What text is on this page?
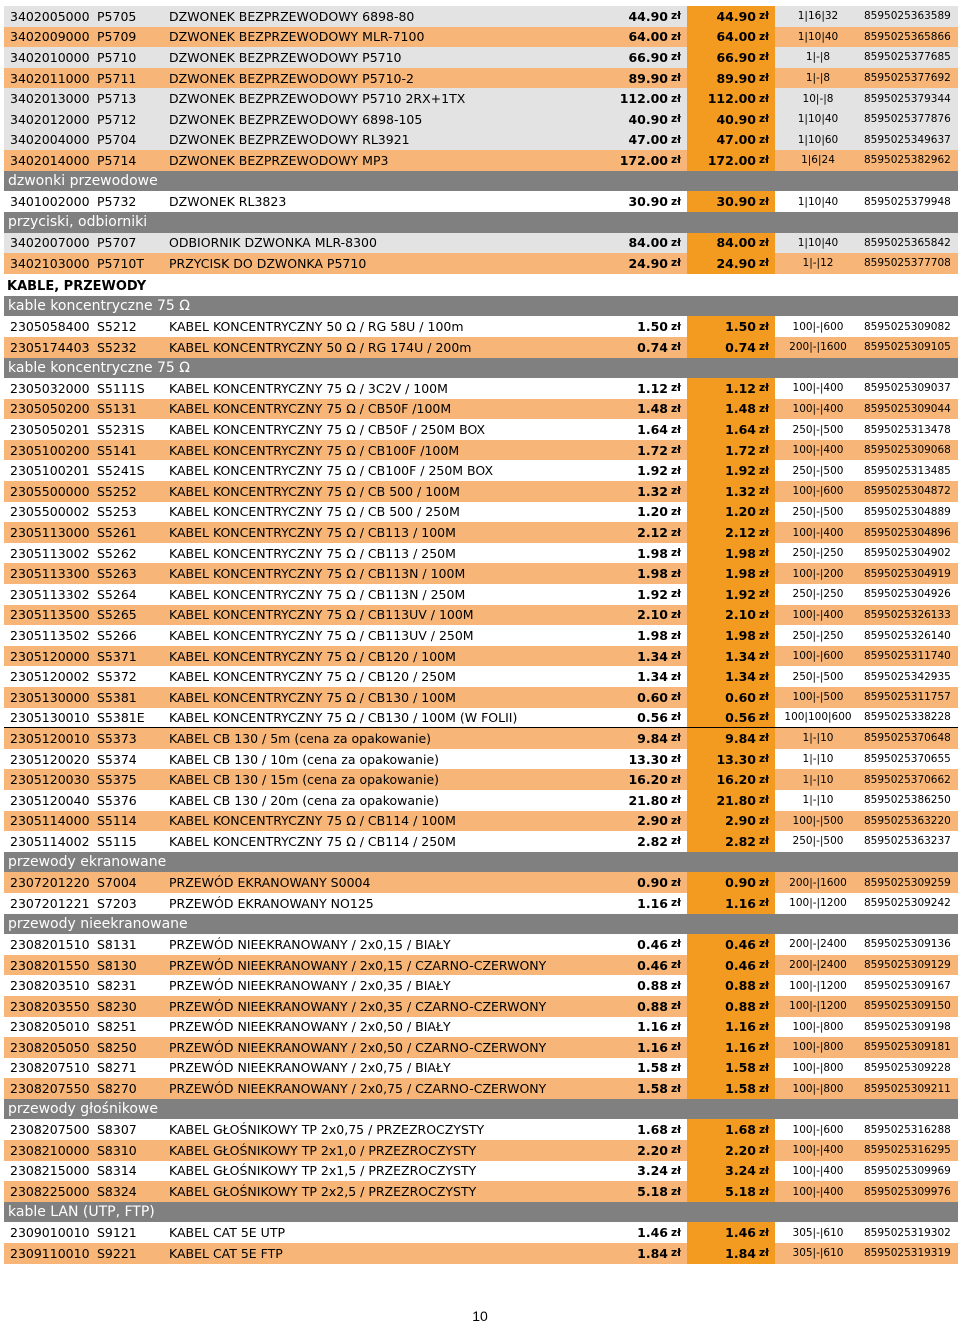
3402005000 P5705	DZWONEK BEZPRZEWODOWY 6898-80	44.90 zł	44.90 zł	1|16|32	8595025363589
3402009000 P5709	DZWONEK BEZPRZEWODOWY MLR-7100	64.00 zł	64.00 zł	1|10|40	8595025365866
3402010000 P5710	DZWONEK BEZPRZEWODOWY P5710	66.90 zł	66.90 zł	1|-|8	8595025377685
3402011000 P5711	DZWONEK BEZPRZEWODOWY P5710-2	89.90 zł	89.90 zł	1|-|8	8595025377692
3402013000 P5713	DZWONEK BEZPRZEWODOWY P5710 2RX+1TX	112.00 zł 112.00 zł	10|-|8	8595025379344
3402012000 P5712	DZWONEK BEZPRZEWODOWY 6898-105	40.90 zł	40.90 zł	1|10|40	8595025377876
3402004000 P5704	DZWONEK BEZPRZEWODOWY RL3921	47.00 zł	47.00 zł	1|10|60	8595025349637
3402014000 P5714	DZWONEK BEZPRZEWODOWY MP3	172.00 zł 172.00 zł	1|6|24	8595025382962
dzwonki przewodowe
3401002000 P5732	DZWONEK RL3823	30.90 zł	30.90 zł	1|10|40	8595025379948
przyciski, odbiorniki
3402007000 P5707	ODBIORNIK DZWONKA MLR-8300	84.00 zł	84.00 zł	1|10|40	8595025365842
3402103000 P5710T	PRZYCISK DO DZWONKA P5710	24.90 zł	24.90 zł	1|-|12	8595025377708
KABLE, PRZEWODY
kable koncentryczne 75 Ω
2305058400 S5212	KABEL KONCENTRYCZNY 50 Ω / RG 58U / 100m	1.50 zł	1.50 zł	100|-|600	8595025309082
2305174403 S5232	KABEL KONCENTRYCZNY 50 Ω / RG 174U / 200m	0.74 zł	0.74 zł	200|-|1600	8595025309105
kable koncentryczne 75 Ω
2305032000 S5111S	KABEL KONCENTRYCZNY 75 Ω / 3C2V / 100M	1.12 zł	1.12 zł	100|-|400	8595025309037
2305050200 S5131	KABEL KONCENTRYCZNY 75 Ω / CB50F /100M	1.48 zł	1.48 zł	100|-|400	8595025309044
2305050201 S5231S	KABEL KONCENTRYCZNY 75 Ω / CB50F / 250M BOX	1.64 zł	1.64 zł	250|-|500	8595025313478
2305100200 S5141	KABEL KONCENTRYCZNY 75 Ω / CB100F /100M	1.72 zł	1.72 zł	100|-|400	8595025309068
2305100201 S5241S	KABEL KONCENTRYCZNY 75 Ω / CB100F / 250M BOX	1.92 zł	1.92 zł	250|-|500	8595025313485
2305500000 S5252	KABEL KONCENTRYCZNY 75 Ω / CB 500 / 100M	1.32 zł	1.32 zł	100|-|600	8595025304872
2305500002 S5253	KABEL KONCENTRYCZNY 75 Ω / CB 500 / 250M	1.20 zł	1.20 zł	250|-|500	8595025304889
2305113000 S5261	KABEL KONCENTRYCZNY 75 Ω / CB113 / 100M	2.12 zł	2.12 zł	100|-|400	8595025304896
2305113002 S5262	KABEL KONCENTRYCZNY 75 Ω / CB113 / 250M	1.98 zł	1.98 zł	250|-|250	8595025304902
2305113300 S5263	KABEL KONCENTRYCZNY 75 Ω / CB113N / 100M	1.98 zł	1.98 zł	100|-|200	8595025304919
2305113302 S5264	KABEL KONCENTRYCZNY 75 Ω / CB113N / 250M	1.92 zł	1.92 zł	250|-|250	8595025304926
2305113500 S5265	KABEL KONCENTRYCZNY 75 Ω / CB113UV / 100M	2.10 zł	2.10 zł	100|-|400	8595025326133
2305113502 S5266	KABEL KONCENTRYCZNY 75 Ω / CB113UV / 250M	1.98 zł	1.98 zł	250|-|250	8595025326140
2305120000 S5371	KABEL KONCENTRYCZNY 75 Ω / CB120 / 100M	1.34 zł	1.34 zł	100|-|600	8595025311740
2305120002 S5372	KABEL KONCENTRYCZNY 75 Ω / CB120 / 250M	1.34 zł	1.34 zł	250|-|500	8595025342935
2305130000 S5381	KABEL KONCENTRYCZNY 75 Ω / CB130 / 100M	0.60 zł	0.60 zł	100|-|500	8595025311757
2305130010 S5381E	KABEL KONCENTRYCZNY 75 Ω / CB130 / 100M (W FOLII)	0.56 zł	0.56 zł	100|100|600	8595025338228
2305120010 S5373	KABEL CB 130 / 5m (cena za opakowanie)	9.84 zł	9.84 zł	1|-|10	8595025370648
2305120020 S5374	KABEL CB 130 / 10m (cena za opakowanie)	13.30 zł	13.30 zł	1|-|10	8595025370655
2305120030 S5375	KABEL CB 130 / 15m (cena za opakowanie)	16.20 zł	16.20 zł	1|-|10	8595025370662
2305120040 S5376	KABEL CB 130 / 20m (cena za opakowanie)	21.80 zł	21.80 zł	1|-|10	8595025386250
2305114000 S5114	KABEL KONCENTRYCZNY 75 Ω / CB114 / 100M	2.90 zł	2.90 zł	100|-|500	8595025363220
2305114002 S5115	KABEL KONCENTRYCZNY 75 Ω / CB114 / 250M	2.82 zł	2.82 zł	250|-|500	8595025363237
przewody ekranowane
2307201220 S7004	PRZEWÓD EKRANOWANY S0004	0.90 zł	0.90 zł	200|-|1600	8595025309259
2307201221 S7203	PRZEWÓD EKRANOWANY NO125	1.16 zł	1.16 zł	100|-|1200	8595025309242
przewody nieekranowane
2308201510 S8131	PRZEWÓD NIEEKRANOWANY / 2x0,15 / BIAŁY	0.46 zł	0.46 zł	200|-|2400	8595025309136
2308201550 S8130	PRZEWÓD NIEEKRANOWANY / 2x0,15 / CZARNO-CZERWONY	0.46 zł	0.46 zł	200|-|2400	8595025309129
2308203510 S8231	PRZEWÓD NIEEKRANOWANY / 2x0,35 / BIAŁY	0.88 zł	0.88 zł	100|-|1200	8595025309167
2308203550 S8230	PRZEWÓD NIEEKRANOWANY / 2x0,35 / CZARNO-CZERWONY	0.88 zł	0.88 zł	100|-|1200	8595025309150
2308205010 S8251	PRZEWÓD NIEEKRANOWANY / 2x0,50 / BIAŁY	1.16 zł	1.16 zł	100|-|800	8595025309198
2308205050 S8250	PRZEWÓD NIEEKRANOWANY / 2x0,50 / CZARNO-CZERWONY	1.16 zł	1.16 zł	100|-|800	8595025309181
2308207510 S8271	PRZEWÓD NIEEKRANOWANY / 2x0,75 / BIAŁY	1.58 zł	1.58 zł	100|-|800	8595025309228
2308207550 S8270	PRZEWÓD NIEEKRANOWANY / 2x0,75 / CZARNO-CZERWONY	1.58 zł	1.58 zł	100|-|800	8595025309211
przewody głośnikowe
2308207500 S8307	KABEL GŁOŚNIKOWY TP 2x0,75 / PRZEZROCZYSTY	1.68 zł	1.68 zł	100|-|600	8595025316288
2308210000 S8310	KABEL GŁOŚNIKOWY TP 2x1,0 / PRZEZROCZYSTY	2.20 zł	2.20 zł	100|-|400	8595025316295
2308215000 S8314	KABEL GŁOŚNIKOWY TP 2x1,5 / PRZEZROCZYSTY	3.24 zł	3.24 zł	100|-|400	8595025309969
2308225000 S8324	KABEL GŁOŚNIKOWY TP 2x2,5 / PRZEZROCZYSTY	5.18 zł	5.18 zł	100|-|400	8595025309976
kable LAN (UTP, FTP)
2309010010 S9121	KABEL CAT 5E UTP	1.46 zł	1.46 zł	305|-|610	8595025319302
2309110010 S9221	KABEL CAT 5E FTP	1.84 zł	1.84 zł	305|-|610	8595025319319
10
